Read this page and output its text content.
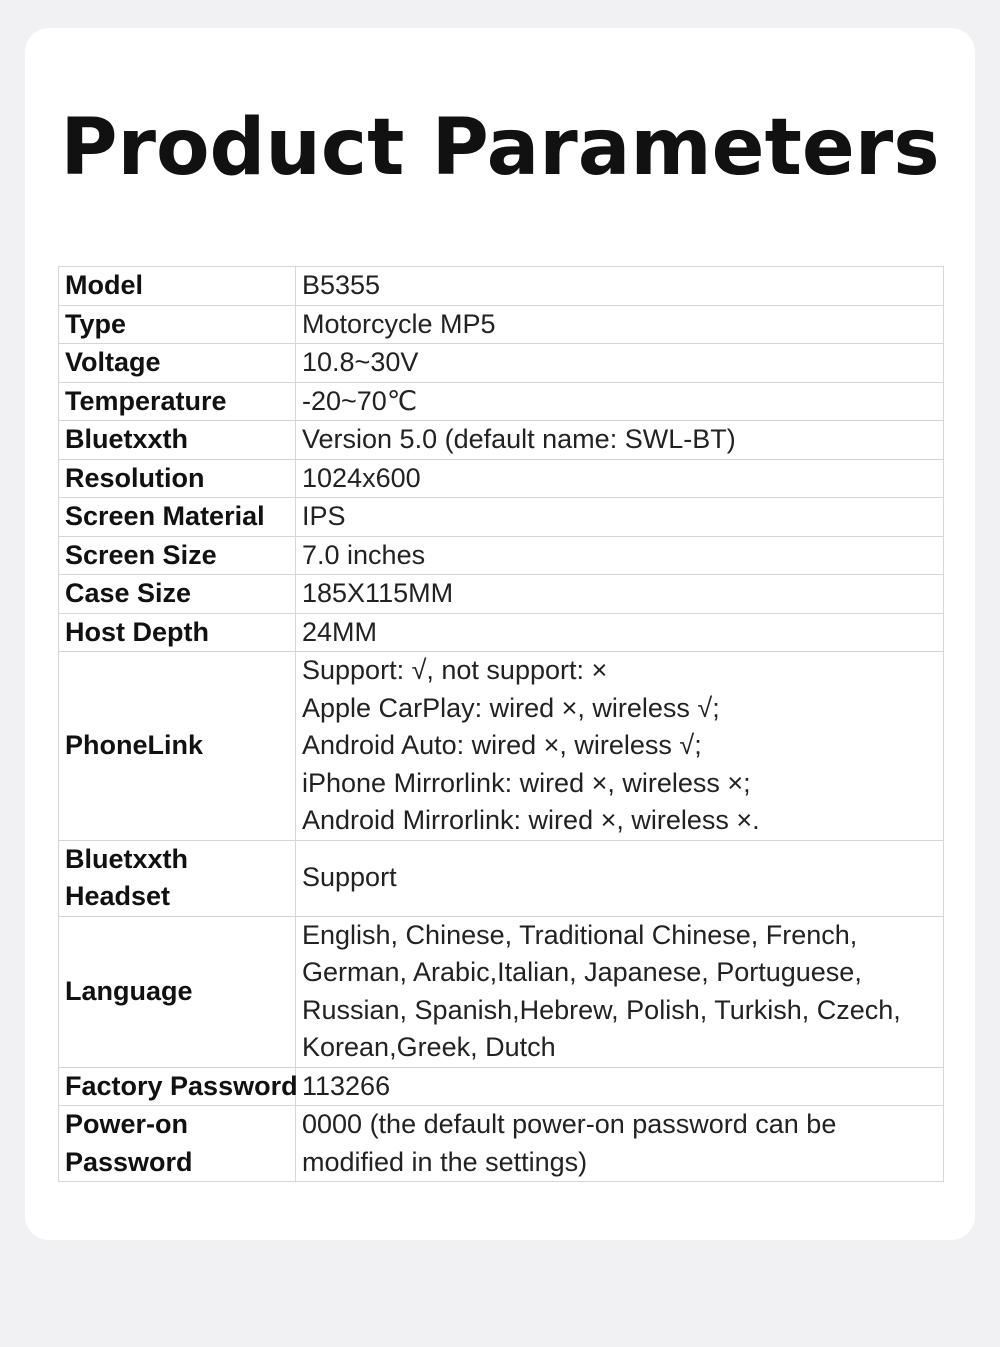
Product Parameters
Model	B5355
Type	Motorcycle MP5
Voltage	10.8~30V
Temperature	-20~70℃
Bluetxxth	Version 5.0 (default name: SWL-BT)
Resolution	1024x600
Screen Material	IPS
Screen Size	7.0 inches
Case Size	185X115MM
Host Depth	24MM
PhoneLink	Support: √, not support: ×
Apple CarPlay: wired ×, wireless √;
Android Auto: wired ×, wireless √;
iPhone Mirrorlink: wired ×, wireless ×;
Android Mirrorlink: wired ×, wireless ×.

Bluetxxth
Headset	Support
Language	English, Chinese, Traditional Chinese, French,
German, Arabic,Italian, Japanese, Portuguese,
Russian, Spanish,Hebrew, Polish, Turkish, Czech,
Korean,Greek, Dutch

Factory Password	113266

Power-on
Password	0000 (the default power-on password can be
modified in the settings)
